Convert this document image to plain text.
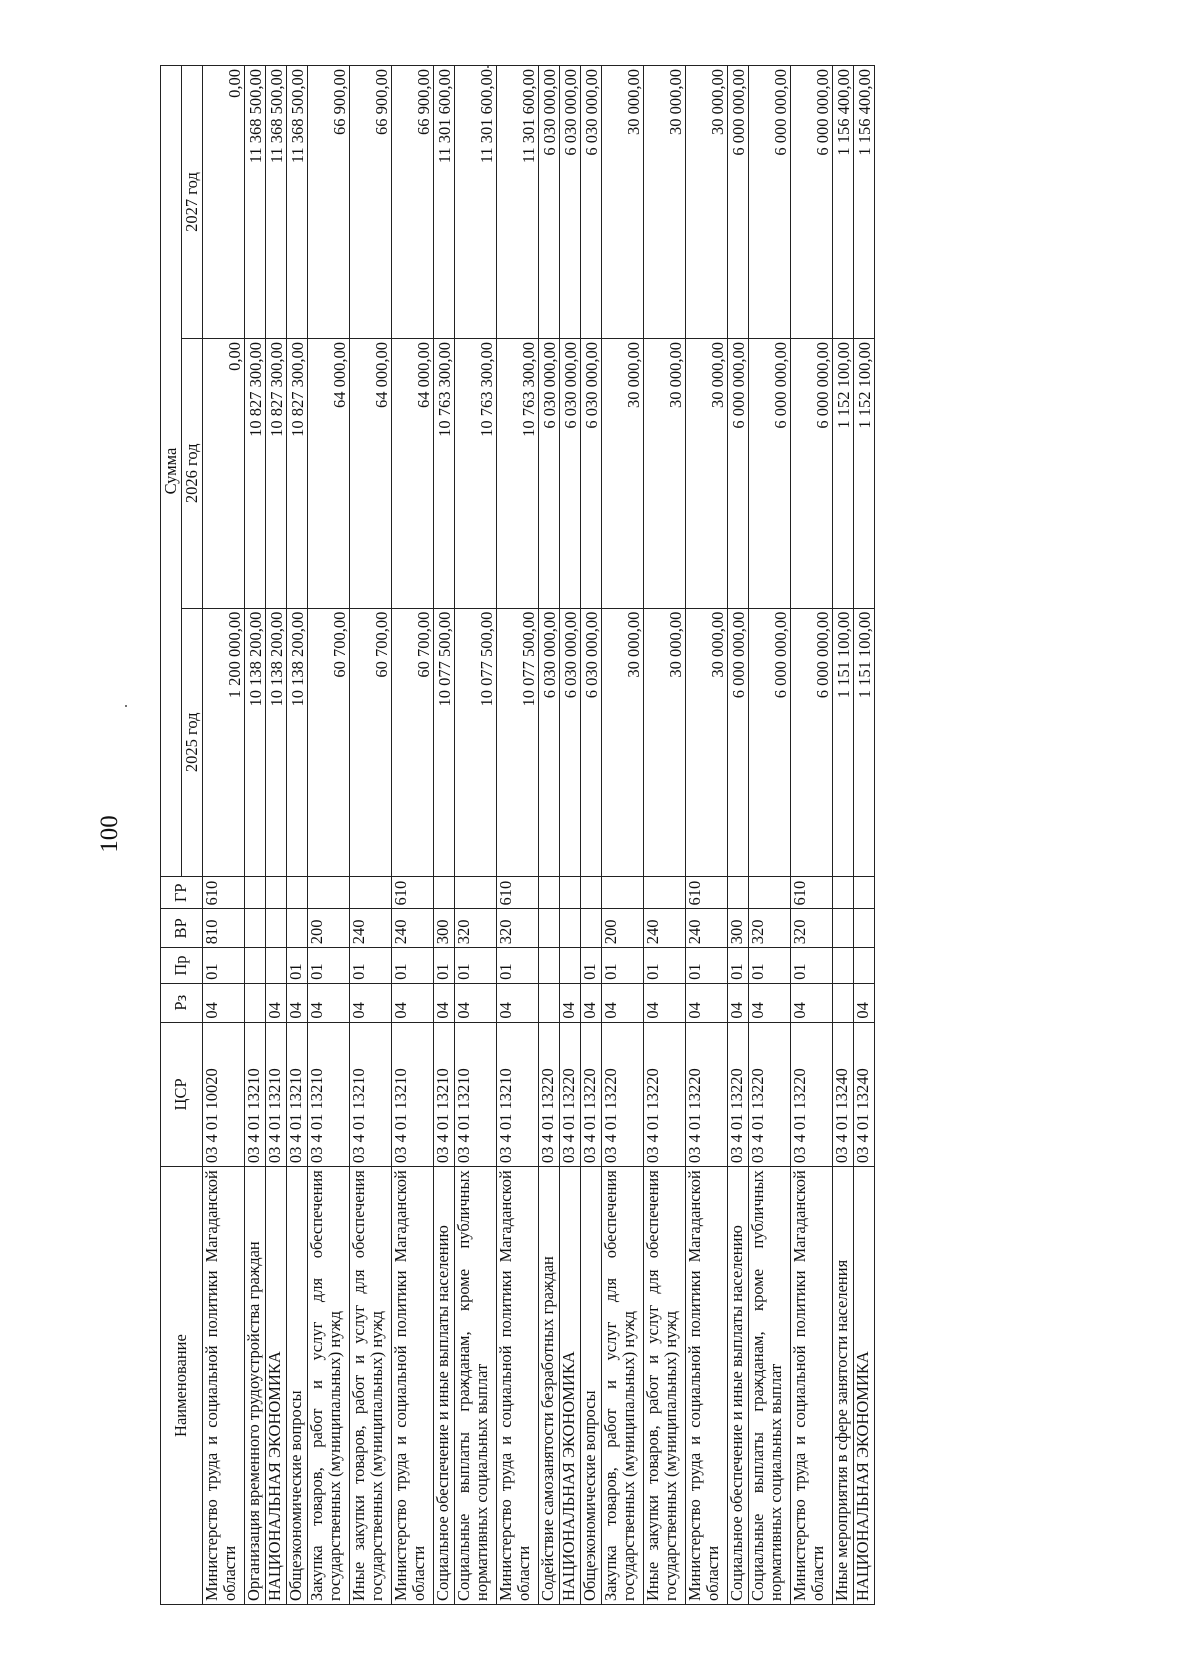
100
Наименование	ЦСР	Рз	Пр	ВР	ГР	Сумма		
						2025 год	2026 год	2027 год
Министерство труда и социальной политики Магаданской области	03 4 01 10020	04	01	810	610	1 200 000,00	0,00	0,00
Организация временного трудоустройства граждан	03 4 01 13210					10 138 200,00	10 827 300,00	11 368 500,00
НАЦИОНАЛЬНАЯ ЭКОНОМИКА	03 4 01 13210	04				10 138 200,00	10 827 300,00	11 368 500,00
Общеэкономические вопросы	03 4 01 13210	04	01			10 138 200,00	10 827 300,00	11 368 500,00
Закупка товаров, работ и услуг для обеспечения государственных (муниципальных) нужд	03 4 01 13210	04	01	200		60 700,00	64 000,00	66 900,00
Иные закупки товаров, работ и услуг для обеспечения государственных (муниципальных) нужд	03 4 01 13210	04	01	240		60 700,00	64 000,00	66 900,00
Министерство труда и социальной политики Магаданской области	03 4 01 13210	04	01	240	610	60 700,00	64 000,00	66 900,00
Социальное обеспечение и иные выплаты населению	03 4 01 13210	04	01	300		10 077 500,00	10 763 300,00	11 301 600,00
Социальные выплаты гражданам, кроме публичных нормативных социальных выплат	03 4 01 13210	04	01	320		10 077 500,00	10 763 300,00	11 301 600,00
Министерство труда и социальной политики Магаданской области	03 4 01 13210	04	01	320	610	10 077 500,00	10 763 300,00	11 301 600,00
Содействие самозанятости безработных граждан	03 4 01 13220					6 030 000,00	6 030 000,00	6 030 000,00
НАЦИОНАЛЬНАЯ ЭКОНОМИКА	03 4 01 13220	04				6 030 000,00	6 030 000,00	6 030 000,00
Общеэкономические вопросы	03 4 01 13220	04	01			6 030 000,00	6 030 000,00	6 030 000,00
Закупка товаров, работ и услуг для обеспечения государственных (муниципальных) нужд	03 4 01 13220	04	01	200		30 000,00	30 000,00	30 000,00
Иные закупки товаров, работ и услуг для обеспечения государственных (муниципальных) нужд	03 4 01 13220	04	01	240		30 000,00	30 000,00	30 000,00
Министерство труда и социальной политики Магаданской области	03 4 01 13220	04	01	240	610	30 000,00	30 000,00	30 000,00
Социальное обеспечение и иные выплаты населению	03 4 01 13220	04	01	300		6 000 000,00	6 000 000,00	6 000 000,00
Социальные выплаты гражданам, кроме публичных нормативных социальных выплат	03 4 01 13220	04	01	320		6 000 000,00	6 000 000,00	6 000 000,00
Министерство труда и социальной политики Магаданской области	03 4 01 13220	04	01	320	610	6 000 000,00	6 000 000,00	6 000 000,00
Иные мероприятия в сфере занятости населения	03 4 01 13240					1 151 100,00	1 152 100,00	1 156 400,00
НАЦИОНАЛЬНАЯ ЭКОНОМИКА	03 4 01 13240	04				1 151 100,00	1 152 100,00	1 156 400,00
